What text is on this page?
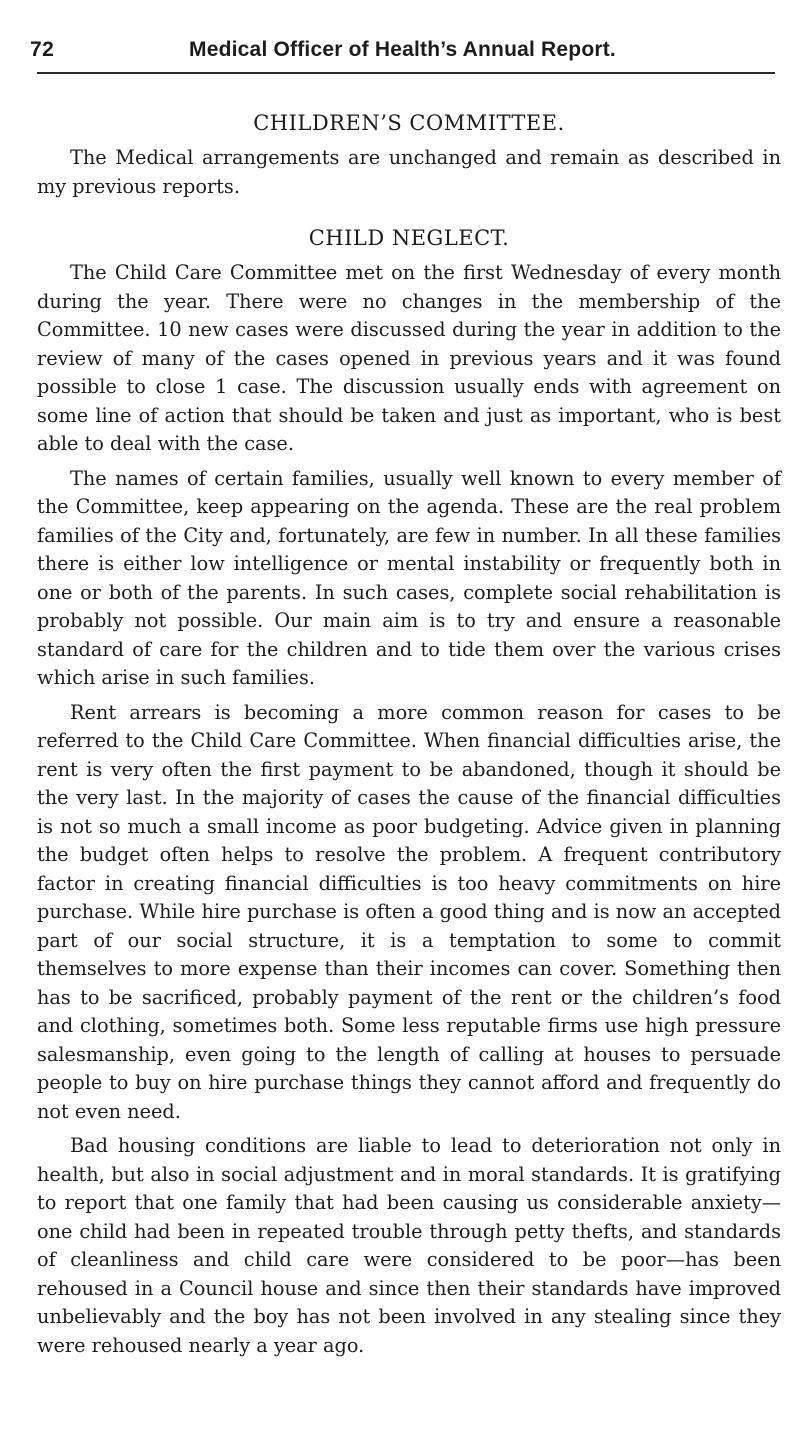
72	Medical Officer of Health’s Annual Report.
CHILDREN’S COMMITTEE.

The Medical arrangements are unchanged and remain as described in my previous reports.

CHILD NEGLECT.

The Child Care Committee met on the first Wednesday of every month during the year. There were no changes in the membership of the Committee. 10 new cases were discussed during the year in addition to the review of many of the cases opened in previous years and it was found possible to close 1 case. The discussion usually ends with agreement on some line of action that should be taken and just as important, who is best able to deal with the case.

The names of certain families, usually well known to every member of the Committee, keep appearing on the agenda. These are the real problem families of the City and, fortunately, are few in number. In all these families there is either low intelligence or mental instability or frequently both in one or both of the parents. In such cases, complete social rehabilitation is probably not possible. Our main aim is to try and ensure a reasonable standard of care for the children and to tide them over the various crises which arise in such families.

Rent arrears is becoming a more common reason for cases to be referred to the Child Care Committee. When financial difficulties arise, the rent is very often the first payment to be abandoned, though it should be the very last. In the majority of cases the cause of the financial difficulties is not so much a small income as poor budgeting. Advice given in planning the budget often helps to resolve the problem. A frequent contributory factor in creating financial difficulties is too heavy commitments on hire purchase. While hire purchase is often a good thing and is now an accepted part of our social structure, it is a temptation to some to commit themselves to more expense than their incomes can cover. Something then has to be sacrificed, probably payment of the rent or the children’s food and clothing, sometimes both. Some less reputable firms use high pressure salesmanship, even going to the length of calling at houses to persuade people to buy on hire purchase things they cannot afford and frequently do not even need.

Bad housing conditions are liable to lead to deterioration not only in health, but also in social adjustment and in moral standards. It is gratifying to report that one family that had been causing us considerable anxiety—one child had been in repeated trouble through petty thefts, and standards of cleanliness and child care were considered to be poor—has been rehoused in a Council house and since then their standards have improved unbelievably and the boy has not been involved in any stealing since they were rehoused nearly a year ago.
